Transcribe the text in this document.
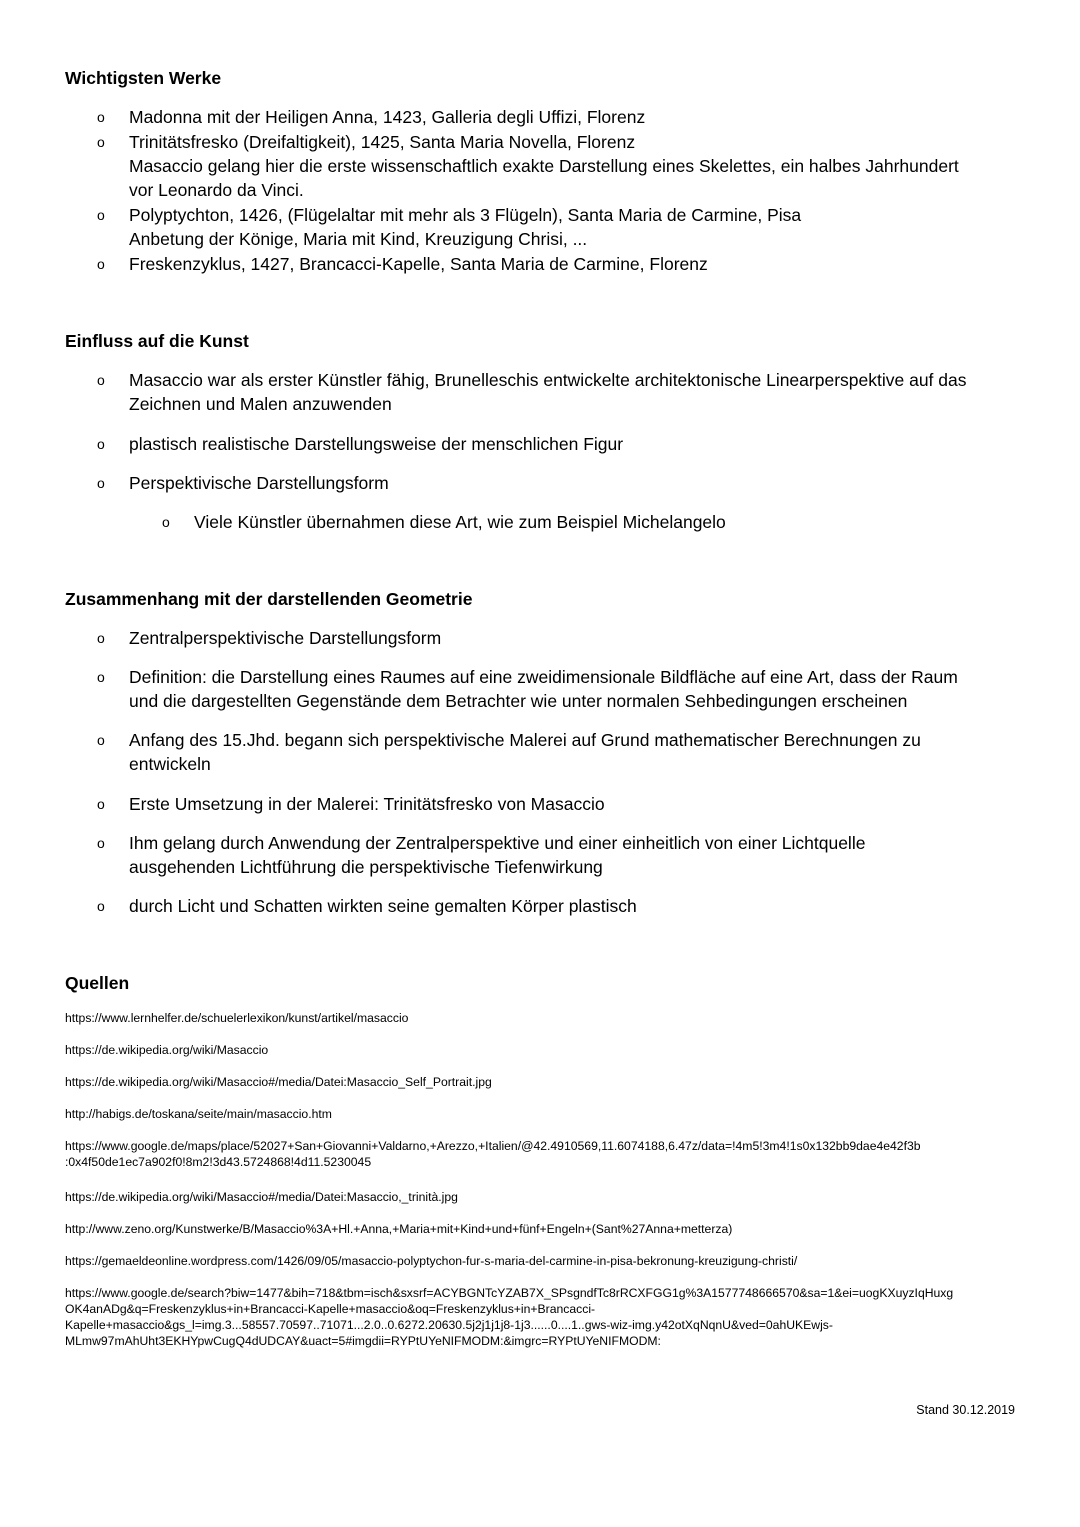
Wichtigsten Werke
o	Madonna mit der Heiligen Anna, 1423, Galleria degli Uffizi, Florenz
o	Trinitätsfresko (Dreifaltigkeit), 1425, Santa Maria Novella, Florenz
Masaccio gelang hier die erste wissenschaftlich exakte Darstellung eines Skelettes, ein halbes Jahrhundert
vor Leonardo da Vinci.
o	Polyptychton, 1426, (Flügelaltar mit mehr als 3 Flügeln), Santa Maria de Carmine, Pisa
Anbetung der Könige, Maria mit Kind, Kreuzigung Chrisi, ...
o	Freskenzyklus, 1427, Brancacci-Kapelle, Santa Maria de Carmine, Florenz
Einfluss auf die Kunst
o	Masaccio war als erster Künstler fähig, Brunelleschis entwickelte architektonische Linearperspektive auf das
Zeichnen und Malen anzuwenden
o	plastisch realistische Darstellungsweise der menschlichen Figur
o	Perspektivische Darstellungsform
o	Viele Künstler übernahmen diese Art, wie zum Beispiel Michelangelo
Zusammenhang mit der darstellenden Geometrie
o	Zentralperspektivische Darstellungsform
o	Definition: die Darstellung eines Raumes auf eine zweidimensionale Bildfläche auf eine Art, dass der Raum
und die dargestellten Gegenstände dem Betrachter wie unter normalen Sehbedingungen erscheinen
o	Anfang des 15.Jhd. begann sich perspektivische Malerei auf Grund mathematischer Berechnungen zu
entwickeln
o	Erste Umsetzung in der Malerei: Trinitätsfresko von Masaccio
o	Ihm gelang durch Anwendung der Zentralperspektive und einer einheitlich von einer Lichtquelle
ausgehenden Lichtführung die perspektivische Tiefenwirkung
o	durch Licht und Schatten wirkten seine gemalten Körper plastisch
Quellen
https://www.lernhelfer.de/schuelerlexikon/kunst/artikel/masaccio
https://de.wikipedia.org/wiki/Masaccio
https://de.wikipedia.org/wiki/Masaccio#/media/Datei:Masaccio_Self_Portrait.jpg
http://habigs.de/toskana/seite/main/masaccio.htm
https://www.google.de/maps/place/52027+San+Giovanni+Valdarno,+Arezzo,+Italien/@42.4910569,11.6074188,6.47z/data=!4m5!3m4!1s0x132bb9dae4e42f3b
:0x4f50de1ec7a902f0!8m2!3d43.5724868!4d11.5230045
https://de.wikipedia.org/wiki/Masaccio#/media/Datei:Masaccio,_trinità.jpg
http://www.zeno.org/Kunstwerke/B/Masaccio%3A+Hl.+Anna,+Maria+mit+Kind+und+fünf+Engeln+(Sant%27Anna+metterza)
https://gemaeldeonline.wordpress.com/1426/09/05/masaccio-polyptychon-fur-s-maria-del-carmine-in-pisa-bekronung-kreuzigung-christi/
https://www.google.de/search?biw=1477&bih=718&tbm=isch&sxsrf=ACYBGNTcYZAB7X_SPsgndfTc8rRCXFGG1g%3A1577748666570&sa=1&ei=uogKXuyzIqHuxg
OK4anADg&q=Freskenzyklus+in+Brancacci-Kapelle+masaccio&oq=Freskenzyklus+in+Brancacci-
Kapelle+masaccio&gs_l=img.3...58557.70597..71071...2.0..0.6272.20630.5j2j1j1j8-1j3......0....1..gws-wiz-img.y42otXqNqnU&ved=0ahUKEwjs-
MLmw97mAhUht3EKHYpwCugQ4dUDCAY&uact=5#imgdii=RYPtUYeNIFMODM:&imgrc=RYPtUYeNIFMODM:
Stand 30.12.2019
